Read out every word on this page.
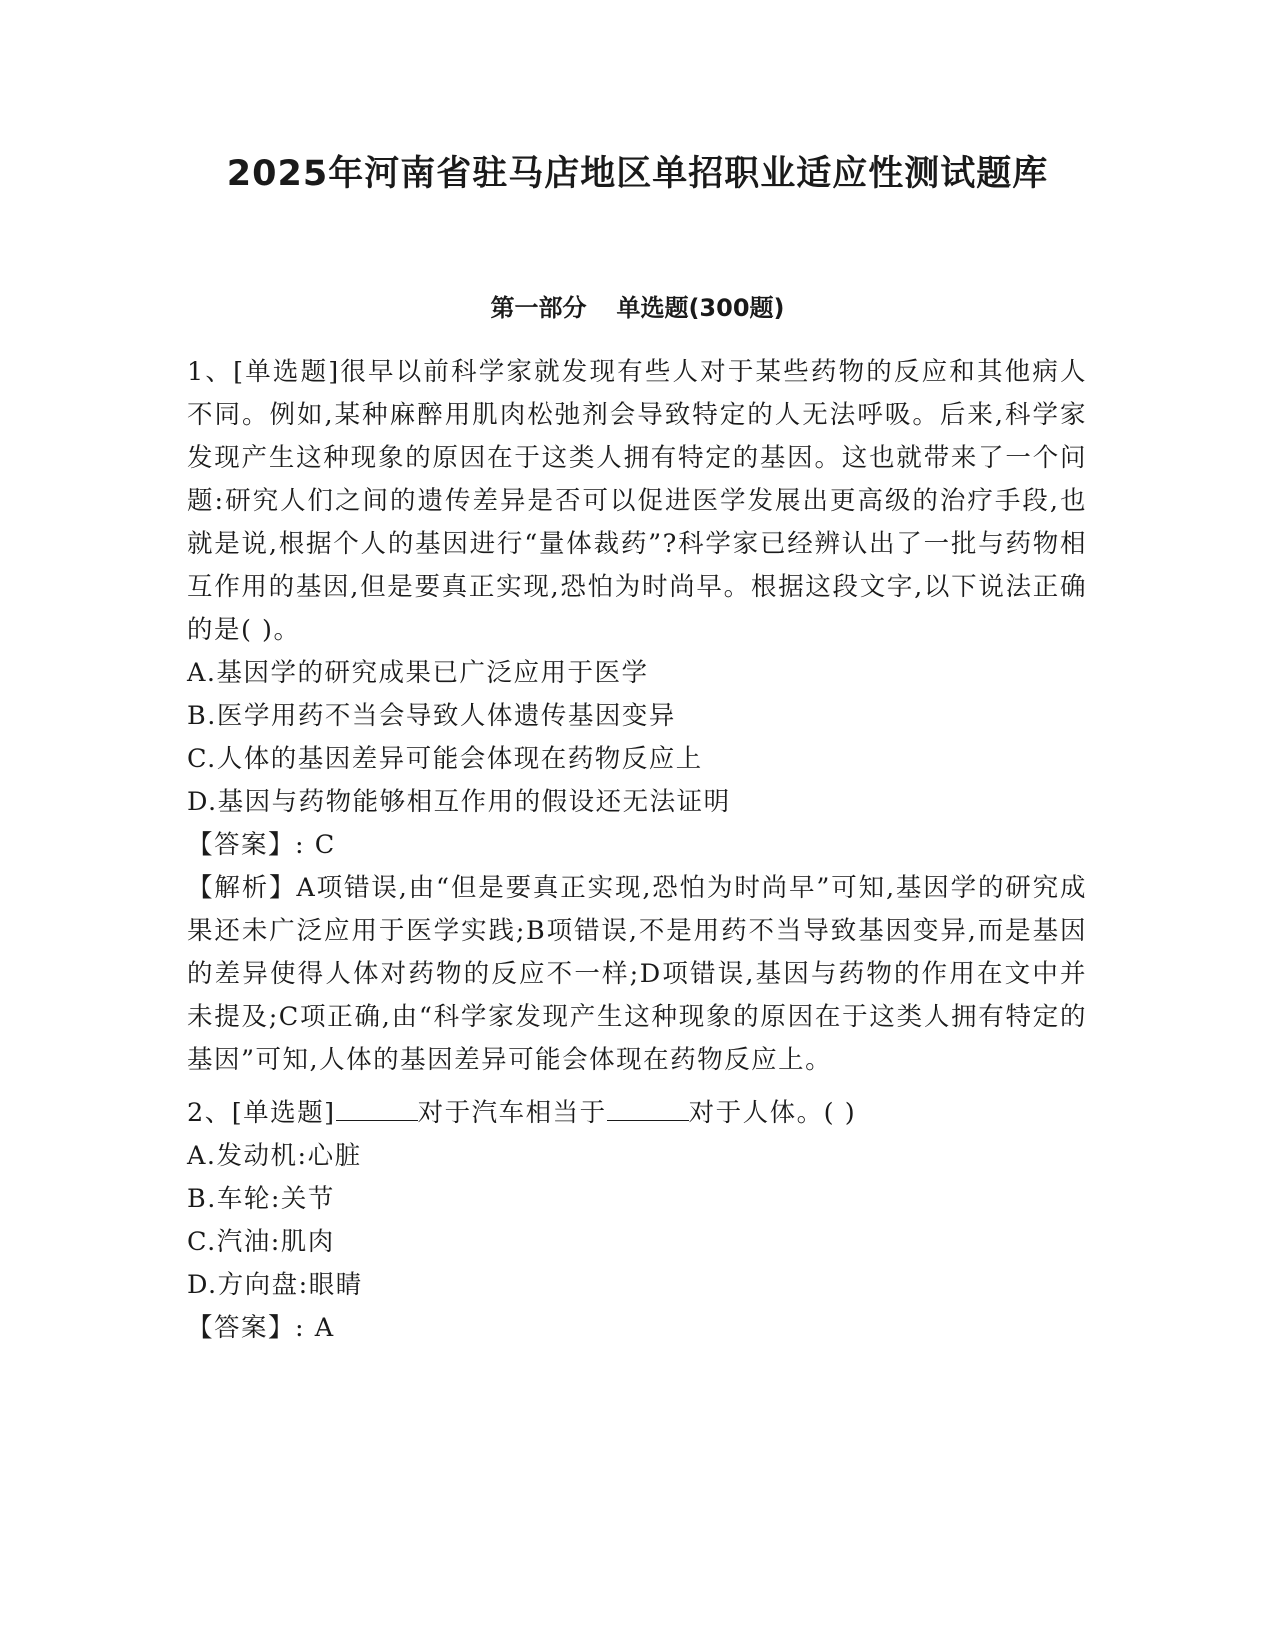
2025年河南省驻马店地区单招职业适应性测试题库
第一部分 单选题(300题)

1、[单选题]很早以前科学家就发现有些人对于某些药物的反应和其他病人不同。例如,某种麻醉用肌肉松弛剂会导致特定的人无法呼吸。后来,科学家发现产生这种现象的原因在于这类人拥有特定的基因。这也就带来了一个问题:研究人们之间的遗传差异是否可以促进医学发展出更高级的治疗手段,也就是说,根据个人的基因进行“量体裁药”?科学家已经辨认出了一批与药物相互作用的基因,但是要真正实现,恐怕为时尚早。根据这段文字,以下说法正确的是( )。

A.基因学的研究成果已广泛应用于医学

B.医学用药不当会导致人体遗传基因变异

C.人体的基因差异可能会体现在药物反应上

D.基因与药物能够相互作用的假设还无法证明

【答案】: C

【解析】A项错误,由“但是要真正实现,恐怕为时尚早”可知,基因学的研究成果还未广泛应用于医学实践;B项错误,不是用药不当导致基因变异,而是基因的差异使得人体对药物的反应不一样;D项错误,基因与药物的作用在文中并未提及;C项正确,由“科学家发现产生这种现象的原因在于这类人拥有特定的基因”可知,人体的基因差异可能会体现在药物反应上。

2、[单选题]	对于汽车相当于	对于人体。( )

A.发动机:心脏

B.车轮:关节

C.汽油:肌肉

D.方向盘:眼睛

【答案】: A
